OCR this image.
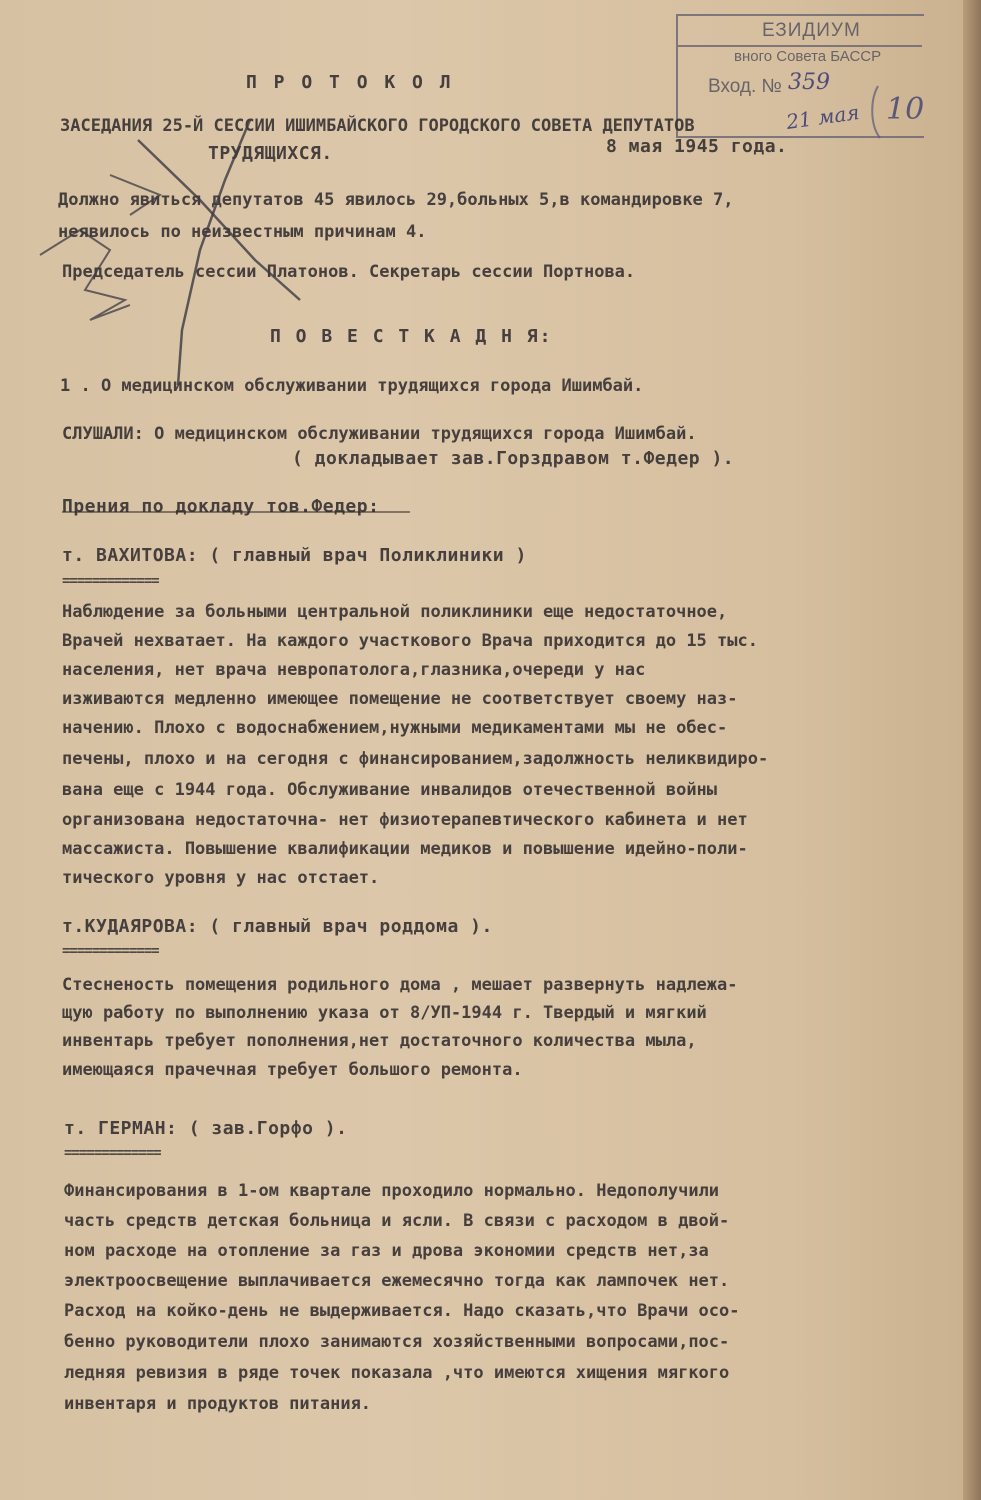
ЕЗИДИУМ
вного Совета БАССР
Вход. № 359
21 мая 10
П Р О Т О К О Л
ЗАСЕДАНИЯ 25-Й СЕССИИ ИШИМБАЙСКОГО ГОРОДСКОГО СОВЕТА ДЕПУТАТОВ
ТРУДЯЩИХСЯ.	8 мая 1945 года.
Должно явиться депутатов 45 явилось 29,больных 5,в командировке 7,
неявилось по неизвестным причинам 4.
Председатель сессии Платонов. Секретарь сессии Портнова.
П О В Е С Т К А Д Н Я:
1 . О медицинском обслуживании трудящихся города Ишимбай.
СЛУШАЛИ: О медицинском обслуживании трудящихся города Ишимбай.
( докладывает зав.Горздравом т.Федер ).
Прения по докладу тов.Федер:
т. ВАХИТОВА: ( главный врач Поликлиники )
=============
Наблюдение за больными центральной поликлиники еще недостаточное,
Врачей нехватает. На каждого участкового Врача приходится до 15 тыс.
населения, нет врача невропатолога,глазника,очереди у нас
изживаются медленно имеющее помещение не соответствует своему наз-
начению. Плохо с водоснабжением,нужными медикаментами мы не обес-
печены, плохо и на сегодня с финансированием,задолжность неликвидиро-
вана еще с 1944 года. Обслуживание инвалидов отечественной войны
организована недостаточна- нет физиотерапевтического кабинета и нет
массажиста. Повышение квалификации медиков и повышение идейно-поли-
тического уровня у нас отстает.
т.КУДАЯРОВА: ( главный врач роддома ).
=============
Стесненость помещения родильного дома , мешает развернуть надлежа-
щую работу по выполнению указа от 8/УП-1944 г. Твердый и мягкий
инвентарь требует пополнения,нет достаточного количества мыла,
имеющаяся прачечная требует большого ремонта.
т. ГЕРМАН: ( зав.Горфо ).
=============
Финансирования в 1-ом квартале проходило нормально. Недополучили
часть средств детская больница и ясли. В связи с расходом в двой-
ном расходе на отопление за газ и дрова экономии средств нет,за
электроосвещение выплачивается ежемесячно тогда как лампочек нет.
Расход на койко-день не выдерживается. Надо сказать,что Врачи осо-
бенно руководители плохо занимаются хозяйственными вопросами,пос-
ледняя ревизия в ряде точек показала ,что имеются хищения мягкого
инвентаря и продуктов питания.
